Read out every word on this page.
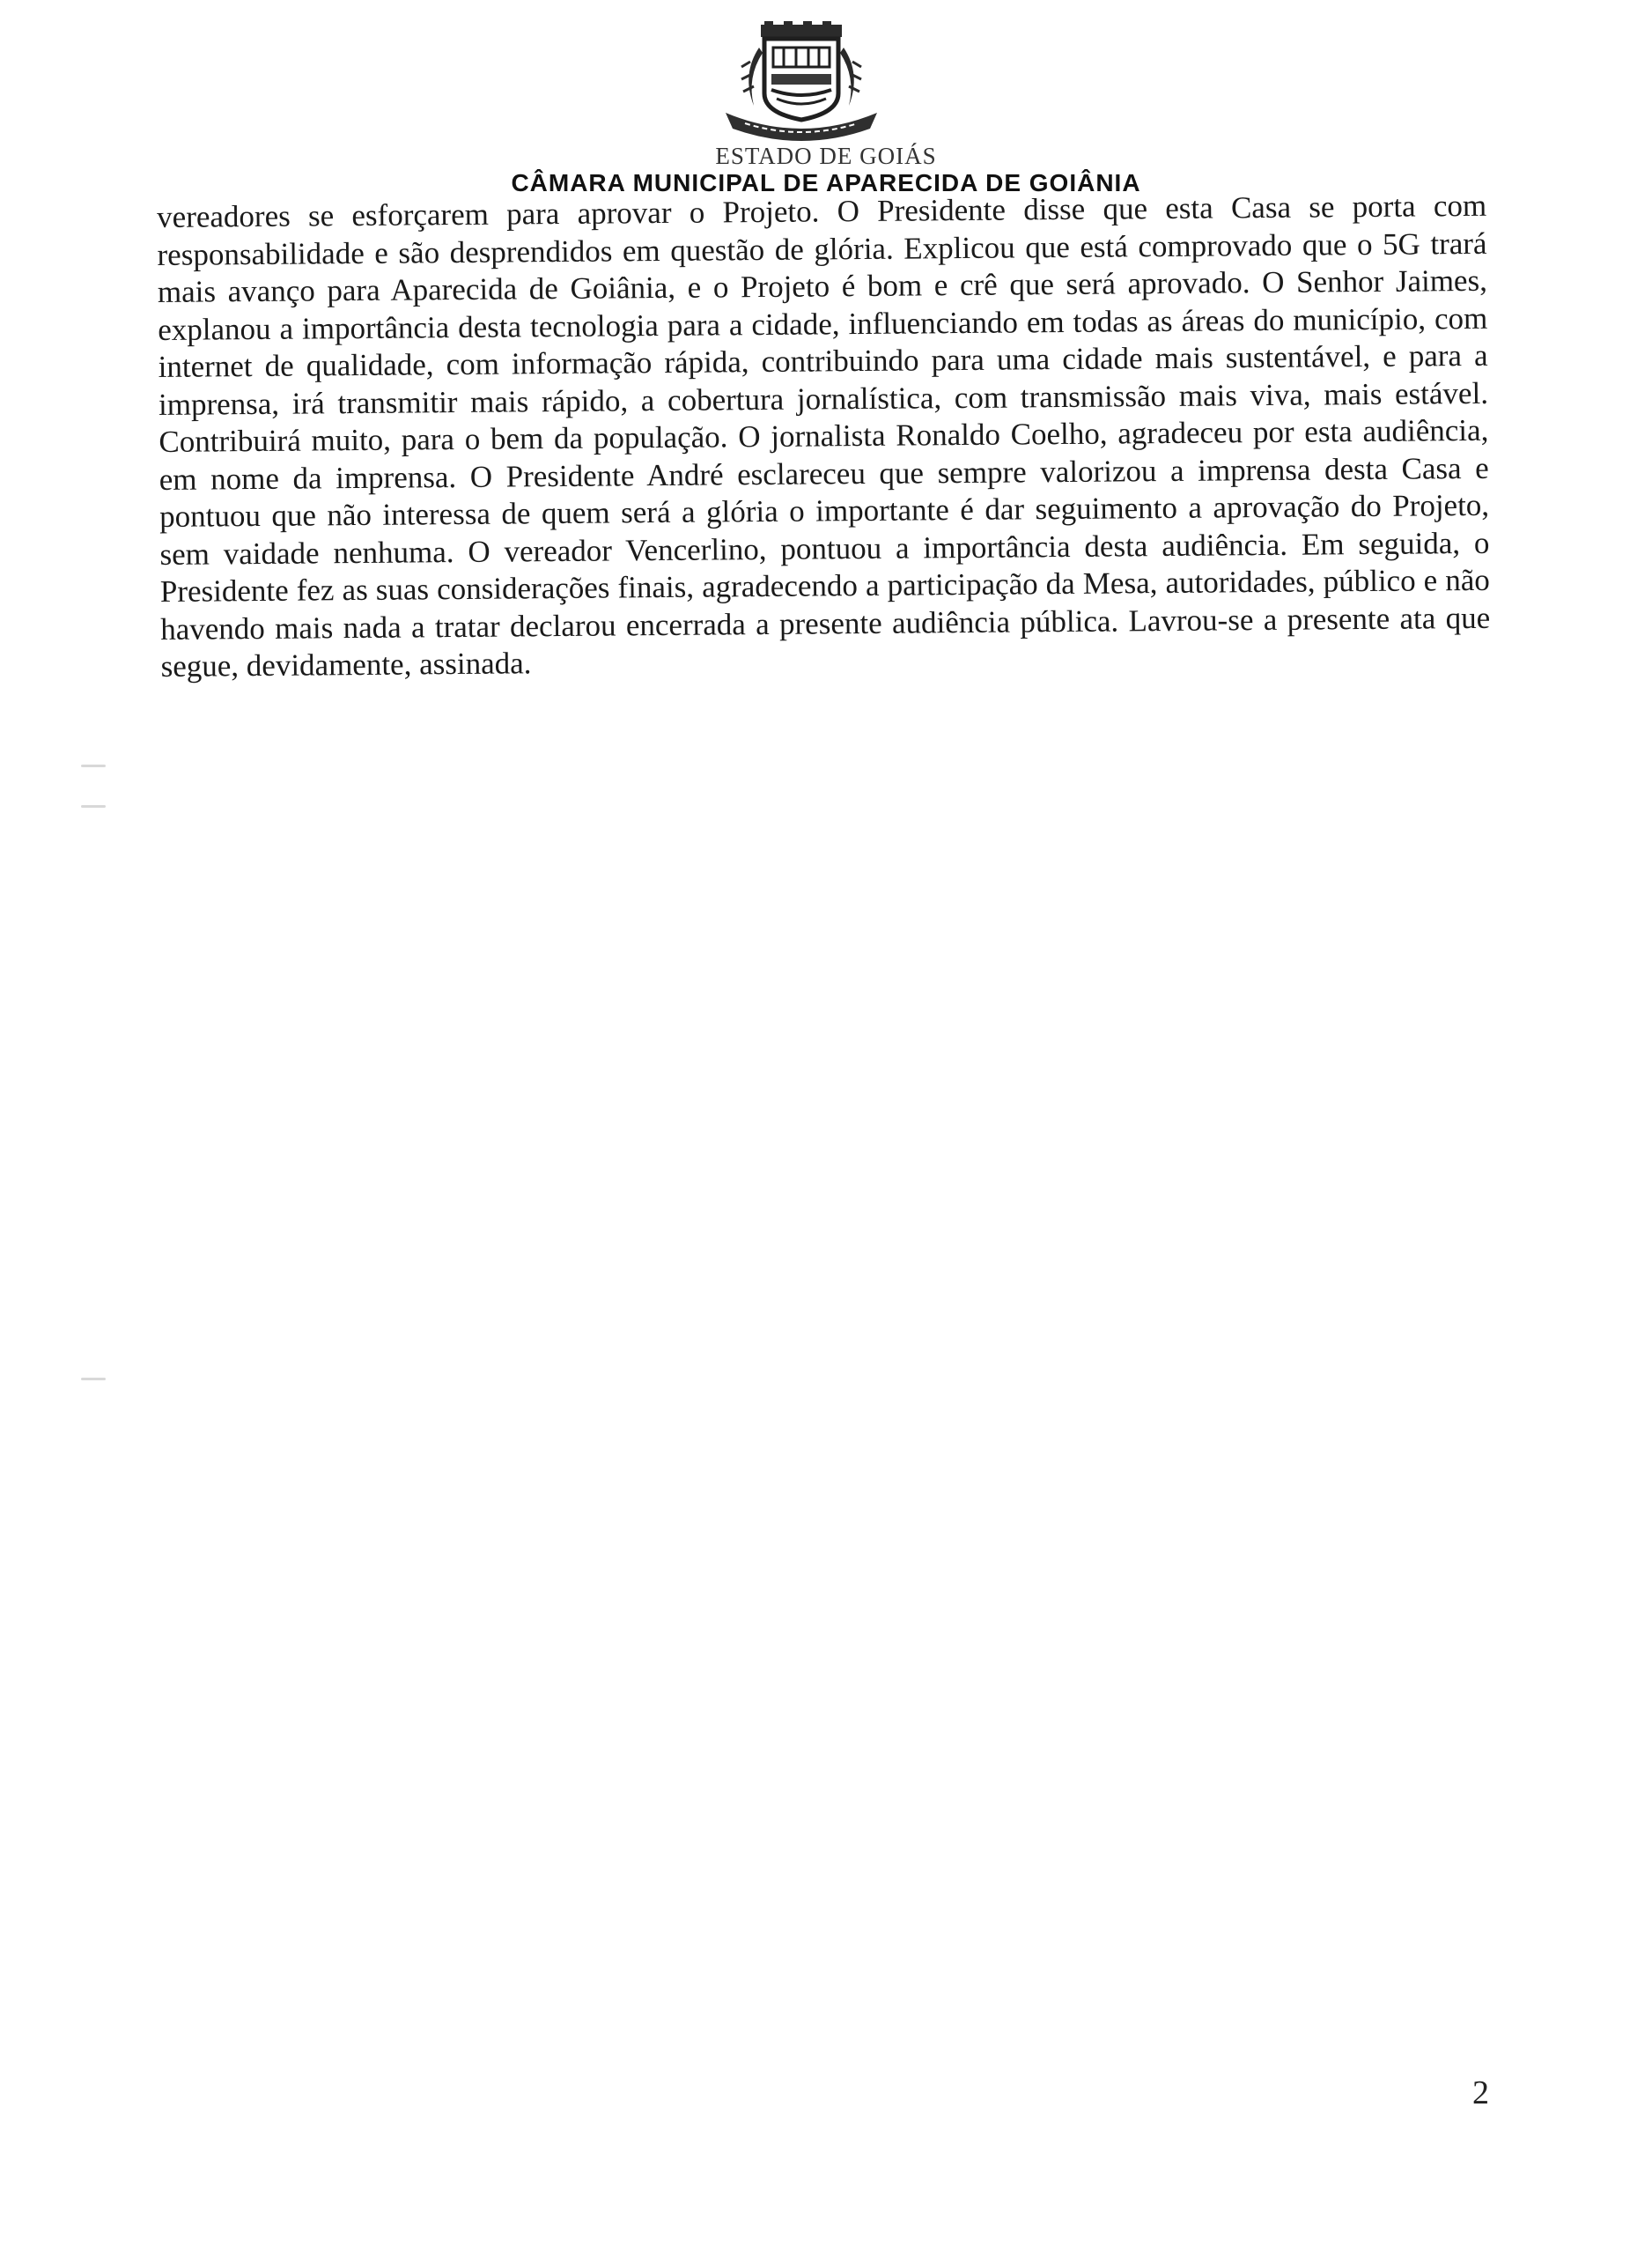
ESTADO DE GOIÁS
CÂMARA MUNICIPAL DE APARECIDA DE GOIÂNIA

vereadores se esforçarem para aprovar o Projeto. O Presidente disse que esta Casa se porta com responsabilidade e são desprendidos em questão de glória. Explicou que está comprovado que o 5G trará mais avanço para Aparecida de Goiânia, e o Projeto é bom e crê que será aprovado. O Senhor Jaimes, explanou a importância desta tecnologia para a cidade, influenciando em todas as áreas do município, com internet de qualidade, com informação rápida, contribuindo para uma cidade mais sustentável, e para a imprensa, irá transmitir mais rápido, a cobertura jornalística, com transmissão mais viva, mais estável. Contribuirá muito, para o bem da população. O jornalista Ronaldo Coelho, agradeceu por esta audiência, em nome da imprensa. O Presidente André esclareceu que sempre valorizou a imprensa desta Casa e pontuou que não interessa de quem será a glória o importante é dar seguimento a aprovação do Projeto, sem vaidade nenhuma. O vereador Vencerlino, pontuou a importância desta audiência. Em seguida, o Presidente fez as suas considerações finais, agradecendo a participação da Mesa, autoridades, público e não havendo mais nada a tratar declarou encerrada a presente audiência pública. Lavrou-se a presente ata que segue, devidamente, assinada.

2
